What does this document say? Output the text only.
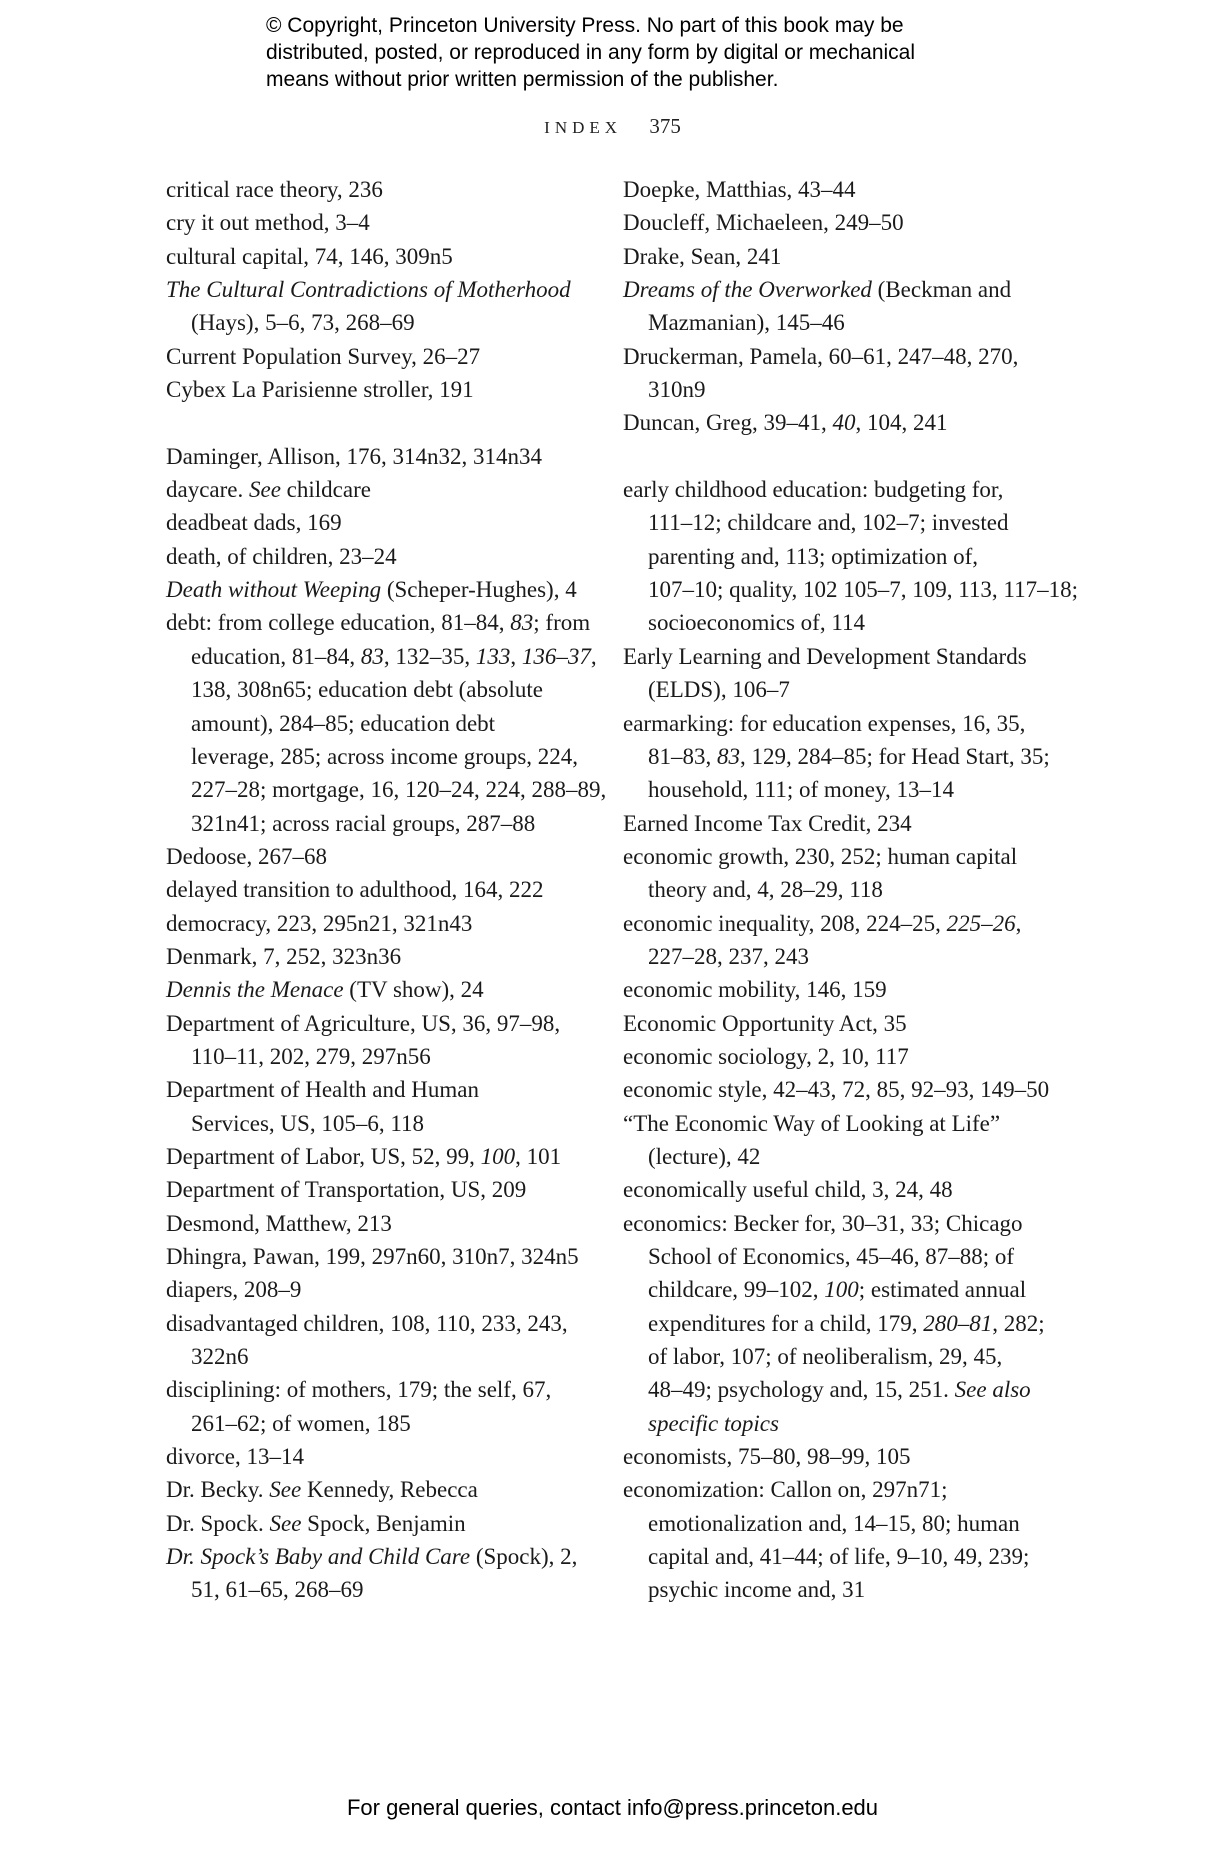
© Copyright, Princeton University Press. No part of this book may be
distributed, posted, or reproduced in any form by digital or mechanical
means without prior written permission of the publisher.
INDEX 375
critical race theory, 236
cry it out method, 3–4
cultural capital, 74, 146, 309n5
The Cultural Contradictions of Motherhood
(Hays), 5–6, 73, 268–69
Current Population Survey, 26–27
Cybex La Parisienne stroller, 191
Daminger, Allison, 176, 314n32, 314n34
daycare. See childcare
deadbeat dads, 169
death, of children, 23–24
Death without Weeping (Scheper-Hughes), 4
debt: from college education, 81–84, 83; from
education, 81–84, 83, 132–35, 133, 136–37,
138, 308n65; education debt (absolute
amount), 284–85; education debt
leverage, 285; across income groups, 224,
227–28; mortgage, 16, 120–24, 224, 288–89,
321n41; across racial groups, 287–88
Dedoose, 267–68
delayed transition to adulthood, 164, 222
democracy, 223, 295n21, 321n43
Denmark, 7, 252, 323n36
Dennis the Menace (TV show), 24
Department of Agriculture, US, 36, 97–98,
110–11, 202, 279, 297n56
Department of Health and Human
Services, US, 105–6, 118
Department of Labor, US, 52, 99, 100, 101
Department of Transportation, US, 209
Desmond, Matthew, 213
Dhingra, Pawan, 199, 297n60, 310n7, 324n5
diapers, 208–9
disadvantaged children, 108, 110, 233, 243,
322n6
disciplining: of mothers, 179; the self, 67,
261–62; of women, 185
divorce, 13–14
Dr. Becky. See Kennedy, Rebecca
Dr. Spock. See Spock, Benjamin
Dr. Spock’s Baby and Child Care (Spock), 2,
51, 61–65, 268–69
Doepke, Matthias, 43–44
Doucleff, Michaeleen, 249–50
Drake, Sean, 241
Dreams of the Overworked (Beckman and
Mazmanian), 145–46
Druckerman, Pamela, 60–61, 247–48, 270,
310n9
Duncan, Greg, 39–41, 40, 104, 241
early childhood education: budgeting for,
111–12; childcare and, 102–7; invested
parenting and, 113; optimization of,
107–10; quality, 102 105–7, 109, 113, 117–18;
socioeconomics of, 114
Early Learning and Development Standards
(ELDS), 106–7
earmarking: for education expenses, 16, 35,
81–83, 83, 129, 284–85; for Head Start, 35;
household, 111; of money, 13–14
Earned Income Tax Credit, 234
economic growth, 230, 252; human capital
theory and, 4, 28–29, 118
economic inequality, 208, 224–25, 225–26,
227–28, 237, 243
economic mobility, 146, 159
Economic Opportunity Act, 35
economic sociology, 2, 10, 117
economic style, 42–43, 72, 85, 92–93, 149–50
“The Economic Way of Looking at Life”
(lecture), 42
economically useful child, 3, 24, 48
economics: Becker for, 30–31, 33; Chicago
School of Economics, 45–46, 87–88; of
childcare, 99–102, 100; estimated annual
expenditures for a child, 179, 280–81, 282;
of labor, 107; of neoliberalism, 29, 45,
48–49; psychology and, 15, 251. See also
specific topics
economists, 75–80, 98–99, 105
economization: Callon on, 297n71;
emotionalization and, 14–15, 80; human
capital and, 41–44; of life, 9–10, 49, 239;
psychic income and, 31
For general queries, contact info@press.princeton.edu
